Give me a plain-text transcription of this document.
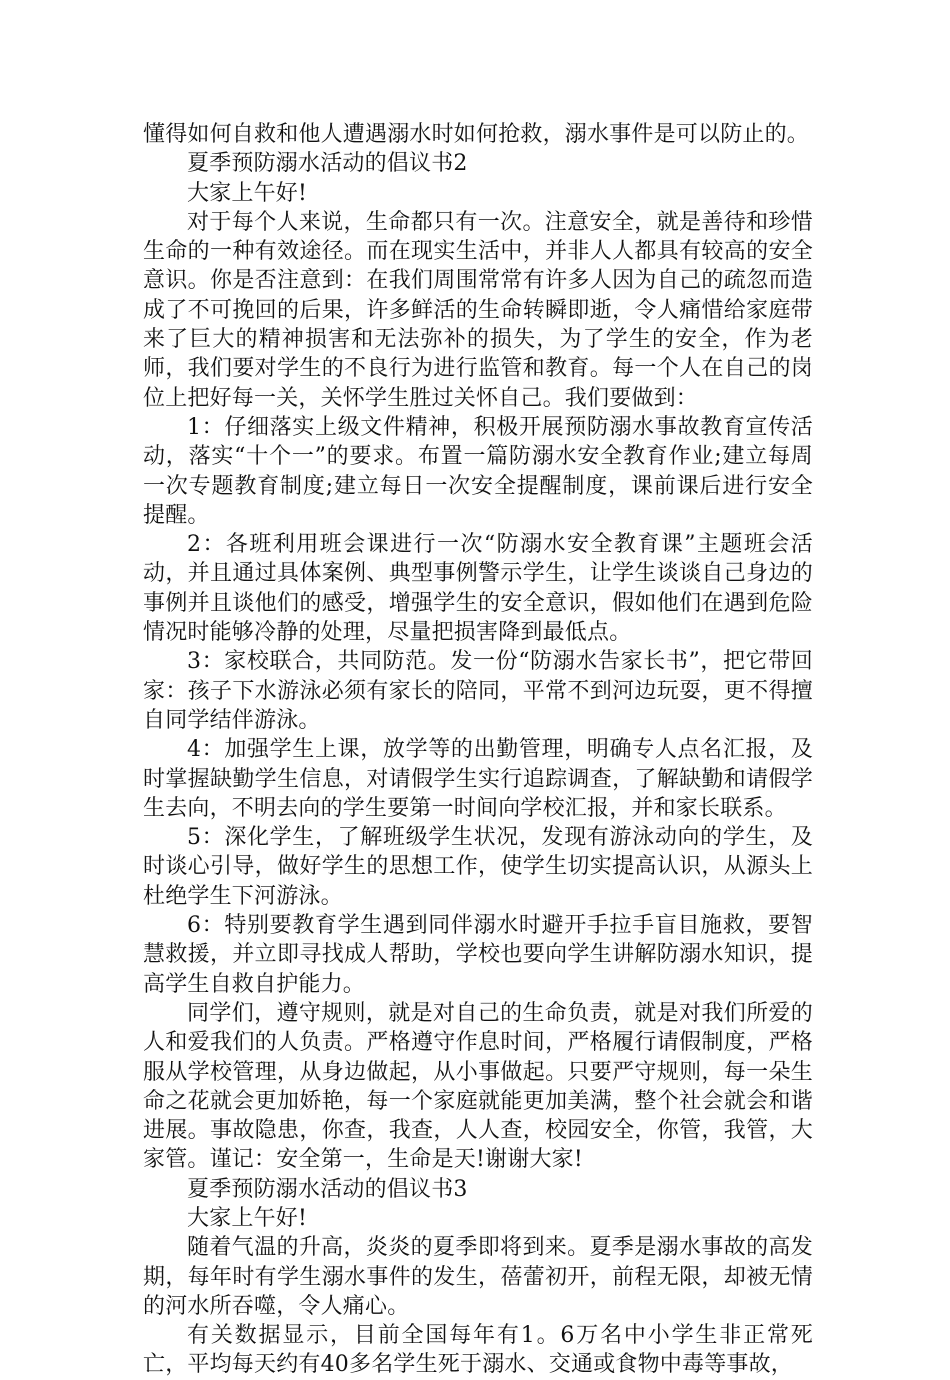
懂得如何自救和他人遭遇溺水时如何抢救，溺水事件是可以防止的。

夏季预防溺水活动的倡议书2

大家上午好!

对于每个人来说，生命都只有一次。注意安全，就是善待和珍惜生命的一种有效途径。而在现实生活中，并非人人都具有较高的安全意识。你是否注意到：在我们周围常常有许多人因为自己的疏忽而造成了不可挽回的后果，许多鲜活的生命转瞬即逝，令人痛惜给家庭带来了巨大的精神损害和无法弥补的损失，为了学生的安全，作为老师，我们要对学生的不良行为进行监管和教育。每一个人在自己的岗位上把好每一关，关怀学生胜过关怀自己。我们要做到：

1：仔细落实上级文件精神，积极开展预防溺水事故教育宣传活动，落实“十个一”的要求。布置一篇防溺水安全教育作业;建立每周一次专题教育制度;建立每日一次安全提醒制度，课前课后进行安全提醒。

2：各班利用班会课进行一次“防溺水安全教育课”主题班会活动，并且通过具体案例、典型事例警示学生，让学生谈谈自己身边的事例并且谈他们的感受，增强学生的安全意识，假如他们在遇到危险情况时能够冷静的处理，尽量把损害降到最低点。

3：家校联合，共同防范。发一份“防溺水告家长书”，把它带回家：孩子下水游泳必须有家长的陪同，平常不到河边玩耍，更不得擅自同学结伴游泳。

4：加强学生上课，放学等的出勤管理，明确专人点名汇报，及时掌握缺勤学生信息，对请假学生实行追踪调查，了解缺勤和请假学生去向，不明去向的学生要第一时间向学校汇报，并和家长联系。

5：深化学生，了解班级学生状况，发现有游泳动向的学生，及时谈心引导，做好学生的思想工作，使学生切实提高认识，从源头上杜绝学生下河游泳。

6：特别要教育学生遇到同伴溺水时避开手拉手盲目施救，要智慧救援，并立即寻找成人帮助，学校也要向学生讲解防溺水知识，提高学生自救自护能力。

同学们，遵守规则，就是对自己的生命负责，就是对我们所爱的人和爱我们的人负责。严格遵守作息时间，严格履行请假制度，严格服从学校管理，从身边做起，从小事做起。只要严守规则，每一朵生命之花就会更加娇艳，每一个家庭就能更加美满，整个社会就会和谐进展。事故隐患，你查，我查，人人查，校园安全，你管，我管，大家管。谨记：安全第一，生命是天!谢谢大家!

夏季预防溺水活动的倡议书3

大家上午好!

随着气温的升高，炎炎的夏季即将到来。夏季是溺水事故的高发期，每年时有学生溺水事件的发生，蓓蕾初开，前程无限，却被无情的河水所吞噬，令人痛心。

有关数据显示，目前全国每年有1。6万名中小学生非正常死亡，平均每天约有40多名学生死于溺水、交通或食物中毒等事故，
